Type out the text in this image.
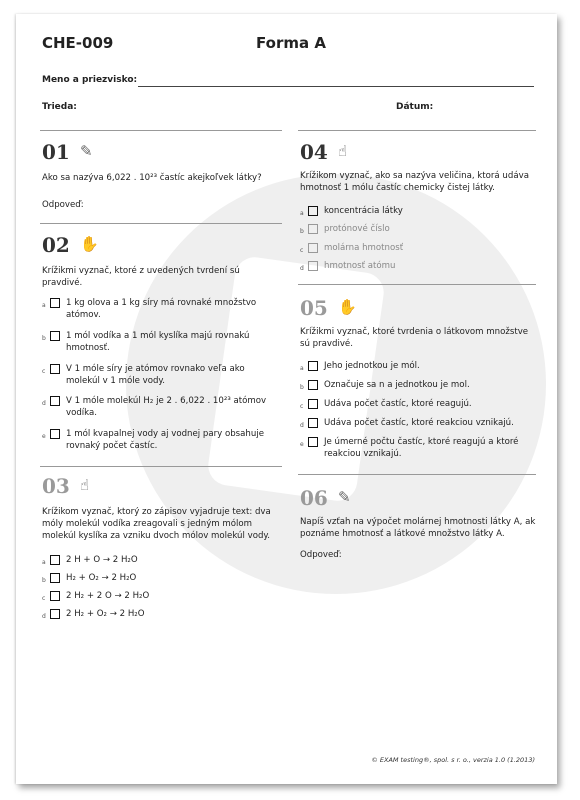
CHE-009	Forma A
Meno a priezvisko:
Trieda:	Dátum:
01 ✎
Ako sa nazýva 6,022 . 10²³ častíc akejkoľvek látky?
Odpoveď:
02 ✋
Krížikmi vyznač, ktoré z uvedených tvrdení sú pravdivé.
a	1 kg olova a 1 kg síry má rovnaké množstvo atómov.
b	1 mól vodíka a 1 mól kyslíka majú rovnakú hmotnosť.
c	V 1 móle síry je atómov rovnako veľa ako molekúl v 1 móle vody.
d	V 1 móle molekúl H₂ je 2 . 6,022 . 10²³ atómov vodíka.
e	1 mól kvapalnej vody aj vodnej pary obsahuje rovnaký počet častíc.
03 ☝
Krížikom vyznač, ktorý zo zápisov vyjadruje text: dva móly molekúl vodíka zreagovali s jedným mólom molekúl kyslíka za vzniku dvoch mólov molekúl vody.
a	2 H + O → 2 H₂O
b	H₂ + O₂ → 2 H₂O
c	2 H₂ + 2 O → 2 H₂O
d	2 H₂ + O₂ → 2 H₂O
04 ☝
Krížikom vyznač, ako sa nazýva veličina, ktorá udáva hmotnosť 1 mólu častíc chemicky čistej látky.
a	koncentrácia látky
b	protónové číslo
c	molárna hmotnosť
d	hmotnosť atómu
05 ✋
Krížikmi vyznač, ktoré tvrdenia o látkovom množstve sú pravdivé.
a	Jeho jednotkou je mól.
b	Označuje sa n a jednotkou je mol.
c	Udáva počet častíc, ktoré reagujú.
d	Udáva počet častíc, ktoré reakciou vznikajú.
e	Je úmerné počtu častíc, ktoré reagujú a ktoré reakciou vznikajú.
06 ✎
Napíš vzťah na výpočet molárnej hmotnosti látky A, ak poznáme hmotnosť a látkové množstvo látky A.
Odpoveď:
© EXAM testing®, spol. s r. o., verzia 1.0 (1.2013)
